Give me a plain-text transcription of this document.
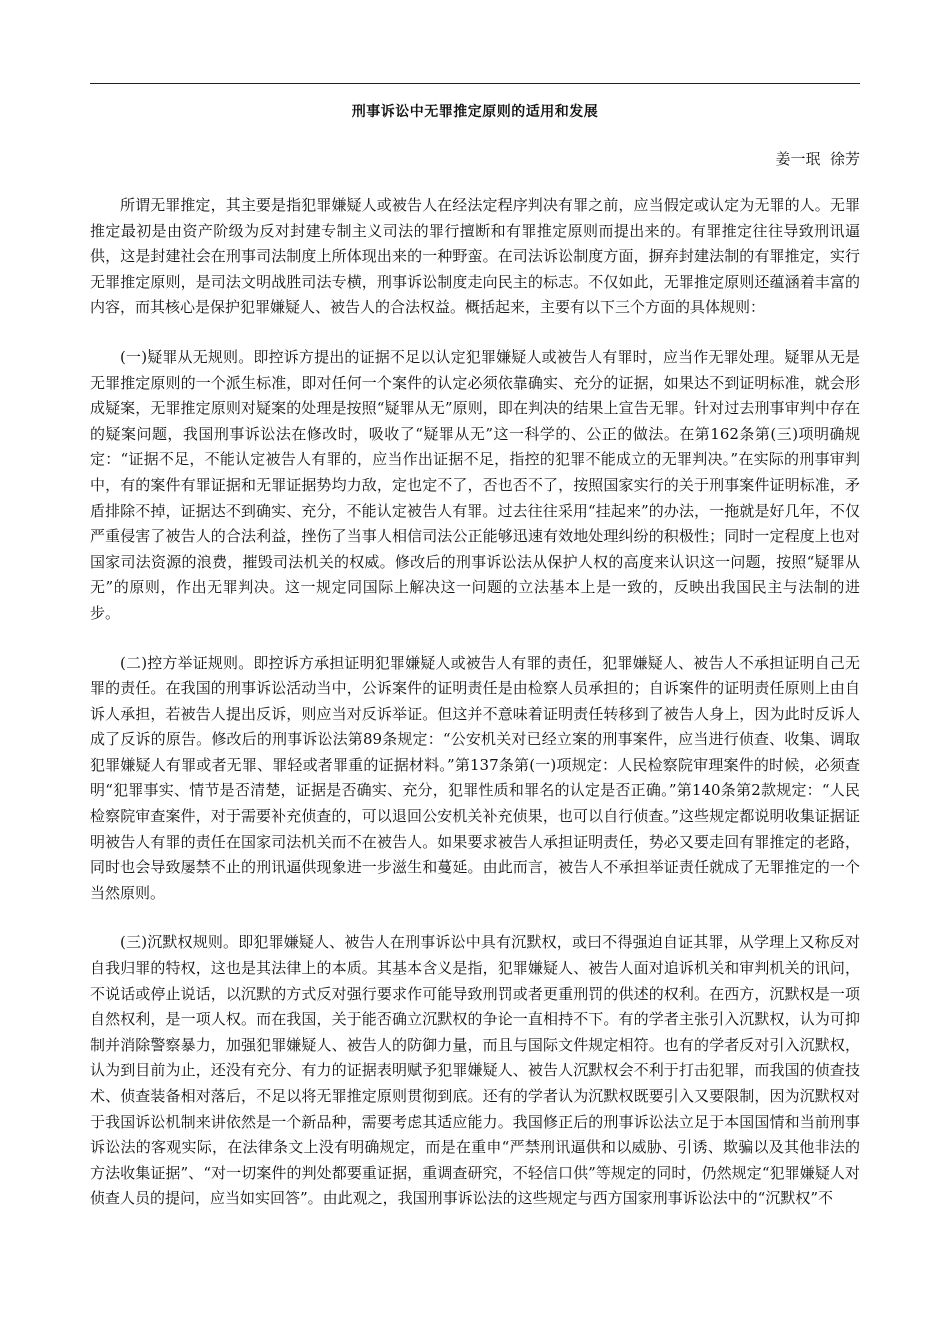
刑事诉讼中无罪推定原则的适用和发展
姜一珉  徐芳

所谓无罪推定，其主要是指犯罪嫌疑人或被告人在经法定程序判决有罪之前，应当假定或认定为无罪的人。无罪推定最初是由资产阶级为反对封建专制主义司法的罪行擅断和有罪推定原则而提出来的。有罪推定往往导致刑讯逼供，这是封建社会在刑事司法制度上所体现出来的一种野蛮。在司法诉讼制度方面，摒弃封建法制的有罪推定，实行无罪推定原则，是司法文明战胜司法专横，刑事诉讼制度走向民主的标志。不仅如此，无罪推定原则还蕴涵着丰富的内容，而其核心是保护犯罪嫌疑人、被告人的合法权益。概括起来，主要有以下三个方面的具体规则：

(一)疑罪从无规则。即控诉方提出的证据不足以认定犯罪嫌疑人或被告人有罪时，应当作无罪处理。疑罪从无是无罪推定原则的一个派生标准，即对任何一个案件的认定必须依靠确实、充分的证据，如果达不到证明标准，就会形成疑案，无罪推定原则对疑案的处理是按照“疑罪从无”原则，即在判决的结果上宣告无罪。针对过去刑事审判中存在的疑案问题，我国刑事诉讼法在修改时，吸收了“疑罪从无”这一科学的、公正的做法。在第162条第(三)项明确规定：“证据不足，不能认定被告人有罪的，应当作出证据不足，指控的犯罪不能成立的无罪判决。”在实际的刑事审判中，有的案件有罪证据和无罪证据势均力敌，定也定不了，否也否不了，按照国家实行的关于刑事案件证明标准，矛盾排除不掉，证据达不到确实、充分，不能认定被告人有罪。过去往往采用“挂起来”的办法，一拖就是好几年，不仅严重侵害了被告人的合法利益，挫伤了当事人相信司法公正能够迅速有效地处理纠纷的积极性；同时一定程度上也对国家司法资源的浪费，摧毁司法机关的权威。修改后的刑事诉讼法从保护人权的高度来认识这一问题，按照“疑罪从无”的原则，作出无罪判决。这一规定同国际上解决这一问题的立法基本上是一致的，反映出我国民主与法制的进步。

(二)控方举证规则。即控诉方承担证明犯罪嫌疑人或被告人有罪的责任，犯罪嫌疑人、被告人不承担证明自己无罪的责任。在我国的刑事诉讼活动当中，公诉案件的证明责任是由检察人员承担的；自诉案件的证明责任原则上由自诉人承担，若被告人提出反诉，则应当对反诉举证。但这并不意味着证明责任转移到了被告人身上，因为此时反诉人成了反诉的原告。修改后的刑事诉讼法第89条规定：“公安机关对已经立案的刑事案件，应当进行侦查、收集、调取犯罪嫌疑人有罪或者无罪、罪轻或者罪重的证据材料。”第137条第(一)项规定：人民检察院审理案件的时候，必须查明“犯罪事实、情节是否清楚，证据是否确实、充分，犯罪性质和罪名的认定是否正确。”第140条第2款规定：“人民检察院审查案件，对于需要补充侦查的，可以退回公安机关补充侦果，也可以自行侦查。”这些规定都说明收集证据证明被告人有罪的责任在国家司法机关而不在被告人。如果要求被告人承担证明责任，势必又要走回有罪推定的老路，同时也会导致屡禁不止的刑讯逼供现象进一步滋生和蔓延。由此而言，被告人不承担举证责任就成了无罪推定的一个当然原则。

(三)沉默权规则。即犯罪嫌疑人、被告人在刑事诉讼中具有沉默权，或曰不得强迫自证其罪，从学理上又称反对自我归罪的特权，这也是其法律上的本质。其基本含义是指，犯罪嫌疑人、被告人面对追诉机关和审判机关的讯问，不说话或停止说话，以沉默的方式反对强行要求作可能导致刑罚或者更重刑罚的供述的权利。在西方，沉默权是一项自然权利，是一项人权。而在我国，关于能否确立沉默权的争论一直相持不下。有的学者主张引入沉默权，认为可抑制并消除警察暴力，加强犯罪嫌疑人、被告人的防御力量，而且与国际文件规定相符。也有的学者反对引入沉默权，认为到目前为止，还没有充分、有力的证据表明赋予犯罪嫌疑人、被告人沉默权会不利于打击犯罪，而我国的侦查技术、侦查装备相对落后，不足以将无罪推定原则贯彻到底。还有的学者认为沉默权既要引入又要限制，因为沉默权对于我国诉讼机制来讲依然是一个新品种，需要考虑其适应能力。我国修正后的刑事诉讼法立足于本国国情和当前刑事诉讼法的客观实际，在法律条文上没有明确规定，而是在重申“严禁刑讯逼供和以威胁、引诱、欺骗以及其他非法的方法收集证据”、“对一切案件的判处都要重证据，重调查研究，不轻信口供”等规定的同时，仍然规定“犯罪嫌疑人对侦查人员的提问，应当如实回答”。由此观之，我国刑事诉讼法的这些规定与西方国家刑事诉讼法中的“沉默权”不
